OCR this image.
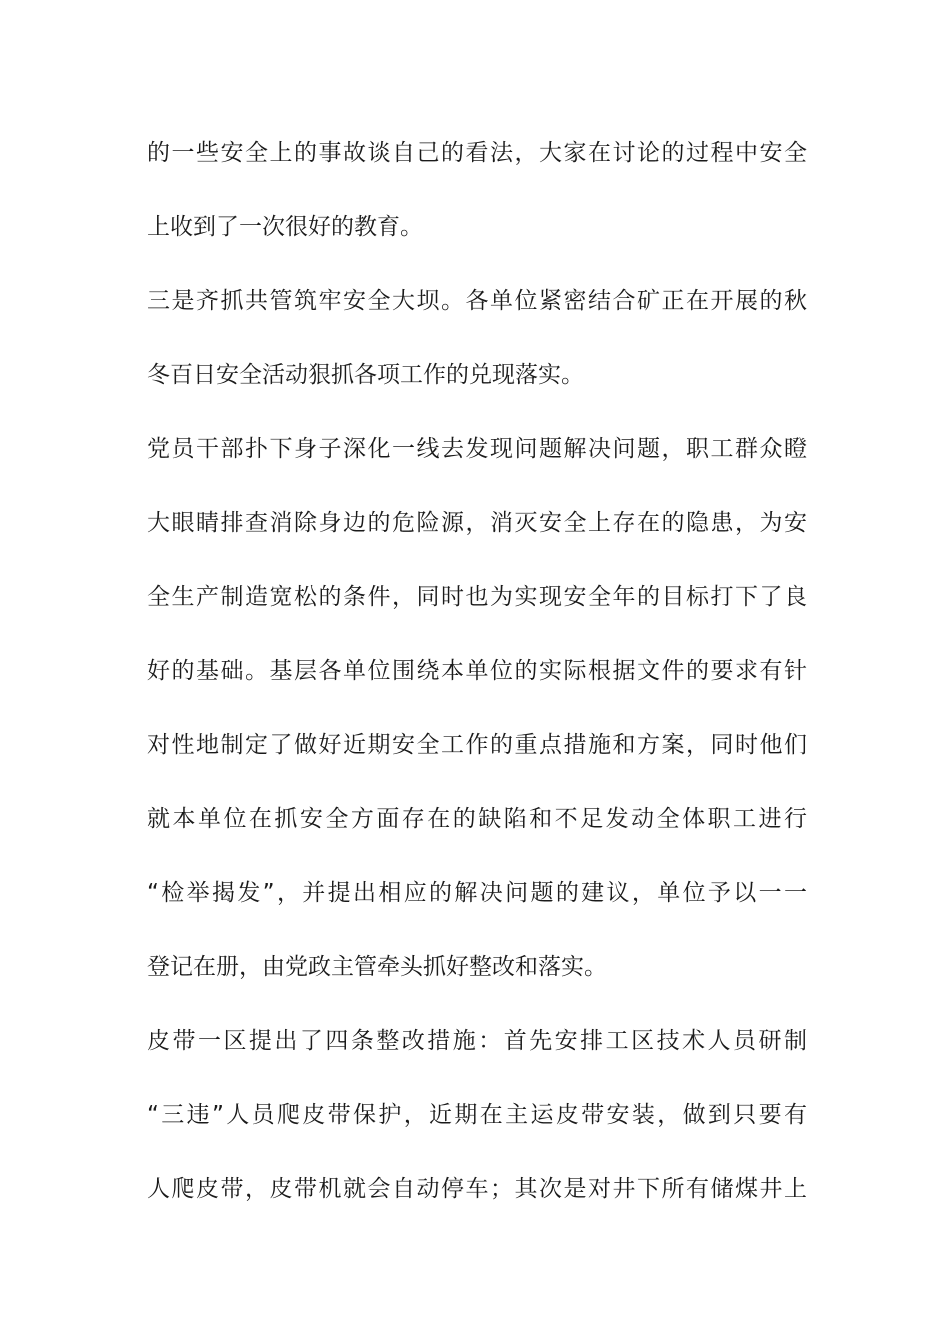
的一些安全上的事故谈自己的看法，大家在讨论的过程中安全
上收到了一次很好的教育。
三是齐抓共管筑牢安全大坝。各单位紧密结合矿正在开展的秋
冬百日安全活动狠抓各项工作的兑现落实。
党员干部扑下身子深化一线去发现问题解决问题，职工群众瞪
大眼睛排查消除身边的危险源，消灭安全上存在的隐患，为安
全生产制造宽松的条件，同时也为实现安全年的目标打下了良
好的基础。基层各单位围绕本单位的实际根据文件的要求有针
对性地制定了做好近期安全工作的重点措施和方案，同时他们
就本单位在抓安全方面存在的缺陷和不足发动全体职工进行
“检举揭发”，并提出相应的解决问题的建议，单位予以一一
登记在册，由党政主管牵头抓好整改和落实。
皮带一区提出了四条整改措施：首先安排工区技术人员研制
“三违”人员爬皮带保护，近期在主运皮带安装，做到只要有
人爬皮带，皮带机就会自动停车；其次是对井下所有储煤井上
